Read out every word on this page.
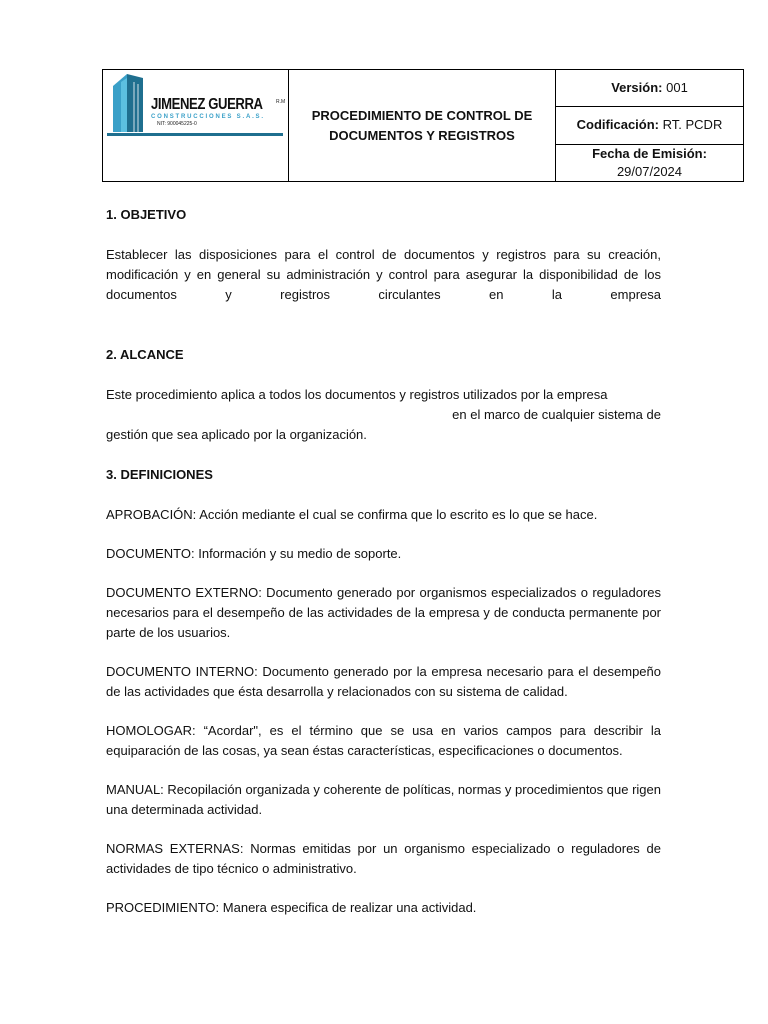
JIMENEZ GUERRA
CONSTRUCCIONES S.A.S.
NIT: 900045225-0
R.M

PROCEDIMIENTO DE CONTROL DE DOCUMENTOS Y REGISTROS
	Versión: 001
Codificación: RT. PCDR

Fecha de Emisión:
29/07/2024

1. OBJETIVO

Establecer las disposiciones para el control de documentos y registros para su creación, modificación y en general su administración y control para asegurar la disponibilidad de los documentos y registros circulantes en la empresa

2. ALCANCE

Este procedimiento aplica a todos los documentos y registros utilizados por la empresa

en el marco de cualquier sistema de

gestión que sea aplicado por la organización.

3. DEFINICIONES

APROBACIÓN: Acción mediante el cual se confirma que lo escrito es lo que se hace.

DOCUMENTO: Información y su medio de soporte.

DOCUMENTO EXTERNO: Documento generado por organismos especializados o reguladores necesarios para el desempeño de las actividades de la empresa y de conducta permanente por parte de los usuarios.

DOCUMENTO INTERNO: Documento generado por la empresa necesario para el desempeño de las actividades que ésta desarrolla y relacionados con su sistema de calidad.

HOMOLOGAR: “Acordar", es el término que se usa en varios campos para describir la equiparación de las cosas, ya sean éstas características, especificaciones o documentos.

MANUAL: Recopilación organizada y coherente de políticas, normas y procedimientos que rigen una determinada actividad.

NORMAS EXTERNAS: Normas emitidas por un organismo especializado o reguladores de actividades de tipo técnico o administrativo.

PROCEDIMIENTO: Manera especifica de realizar una actividad.
